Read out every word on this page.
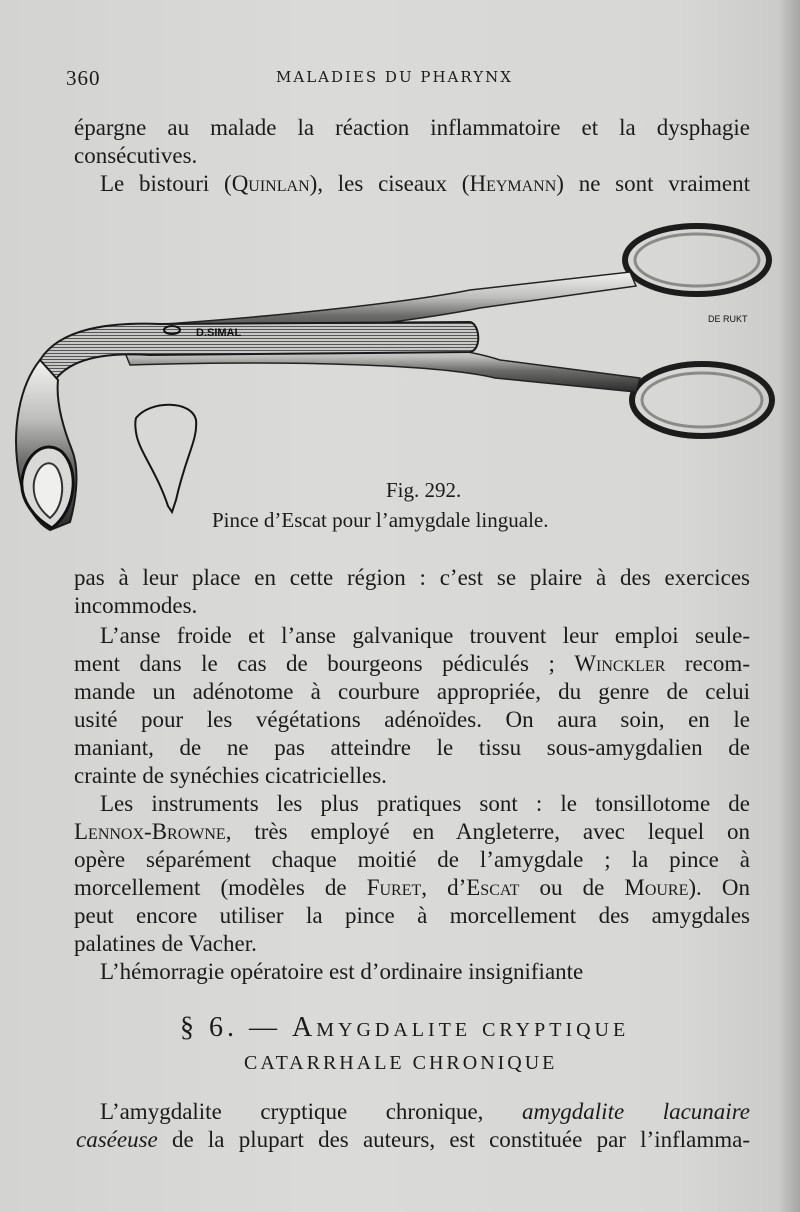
360	MALADIES DU PHARYNX
épargne au malade la réaction inflammatoire et la dysphagie
consécutives.
Le bistouri (Quinlan), les ciseaux (Heymann) ne sont vraiment
D.SIMAL
DE RUKT
Fig. 292.
Pince d’Escat pour l’amygdale linguale.
pas à leur place en cette région : c’est se plaire à des exercices
incommodes.
L’anse froide et l’anse galvanique trouvent leur emploi seule-
ment dans le cas de bourgeons pédiculés ; Winckler recom-
mande un adénotome à courbure appropriée, du genre de celui
usité pour les végétations adénoïdes. On aura soin, en le
maniant, de ne pas atteindre le tissu sous-amygdalien de
crainte de synéchies cicatricielles.
Les instruments les plus pratiques sont : le tonsillotome de
Lennox-Browne, très employé en Angleterre, avec lequel on
opère séparément chaque moitié de l’amygdale ; la pince à
morcellement (modèles de Furet, d’Escat ou de Moure). On
peut encore utiliser la pince à morcellement des amygdales
palatines de Vacher.
L’hémorragie opératoire est d’ordinaire insignifiante
§ 6. — Amygdalite cryptique
CATARRHALE CHRONIQUE
L’amygdalite cryptique chronique, amygdalite lacunaire
caséeuse de la plupart des auteurs, est constituée par l’inflamma-
